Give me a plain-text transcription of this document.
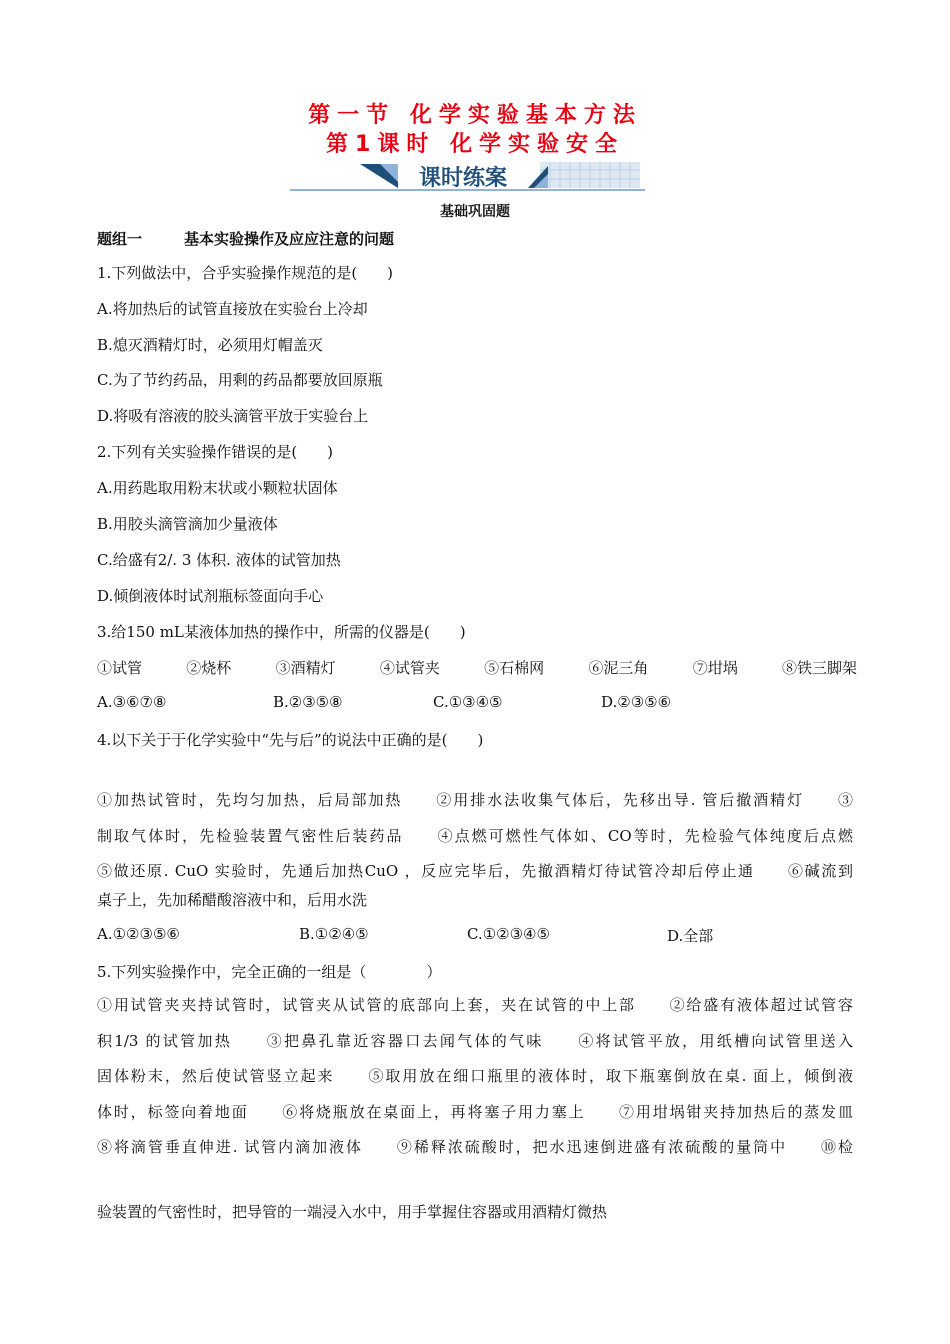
第一节 化学实验基本方法
第1课时 化学实验安全
课时练案
基础巩固题
题组一	基本实验操作及应应注意的问题
1.下列做法中，合乎实验操作规范的是(　　)
A.将加热后的试管直接放在实验台上冷却
B.熄灭酒精灯时，必须用灯帽盖灭
C.为了节约药品，用剩的药品都要放回原瓶
D.将吸有溶液的胶头滴管平放于实验台上
2.下列有关实验操作错误的是(　　)
A.用药匙取用粉末状或小颗粒状固体
B.用胶头滴管滴加少量液体
C.给盛有2/. 3 体积. 液体的试管加热
D.倾倒液体时试剂瓶标签面向手心
3.给150 mL某液体加热的操作中，所需的仪器是(　　)
①试管	②烧杯	③酒精灯	④试管夹	⑤石棉网	⑥泥三角	⑦坩埚	⑧铁三脚架
A.③⑥⑦⑧	B.②③⑤⑧	C.①③④⑤	D.②③⑤⑥
4.以下关于于化学实验中“先与后”的说法中正确的是(　　)
①加热试管时，先均匀加热，后局部加热　　②用排水法收集气体后，先移出导. 管后撤酒精灯　　③
制取气体时，先检验装置气密性后装药品　　④点燃可燃性气体如、CO等时，先检验气体纯度后点燃
⑤做还原. CuO 实验时，先通后加热CuO ，反应完毕后，先撤酒精灯待试管冷却后停止通　　⑥碱流到
桌子上，先加稀醋酸溶液中和，后用水洗
A.①②③⑤⑥	B.①②④⑤	C.①②③④⑤	D.全部
5.下列实验操作中，完全正确的一组是（　　　　）
①用试管夹夹持试管时，试管夹从试管的底部向上套，夹在试管的中上部　　②给盛有液体超过试管容
积1/3 的试管加热　　③把鼻孔靠近容器口去闻气体的气味　　④将试管平放，用纸槽向试管里送入
固体粉末，然后使试管竖立起来　　⑤取用放在细口瓶里的液体时，取下瓶塞倒放在桌. 面上，倾倒液
体时，标签向着地面　　⑥将烧瓶放在桌面上，再将塞子用力塞上　　⑦用坩埚钳夹持加热后的蒸发皿
⑧将滴管垂直伸进. 试管内滴加液体　　⑨稀释浓硫酸时，把水迅速倒进盛有浓硫酸的量筒中　　⑩检
验装置的气密性时，把导管的一端浸入水中，用手掌握住容器或用酒精灯微热
